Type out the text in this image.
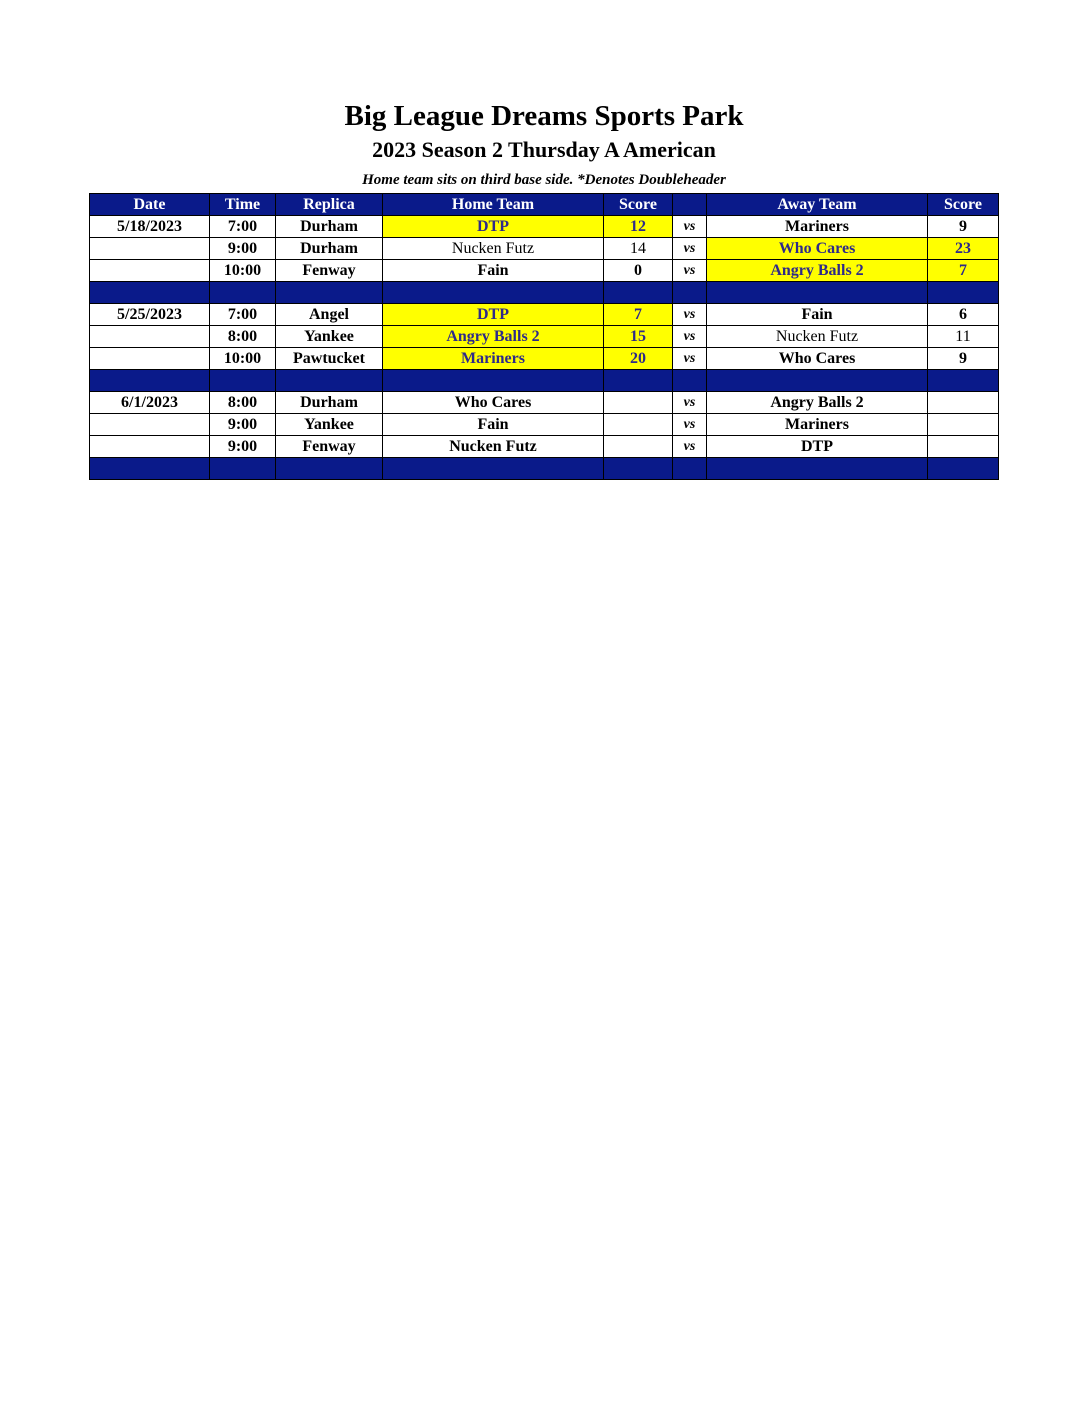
Big League Dreams Sports Park
2023 Season 2 Thursday A American
Home team sits on third base side. *Denotes Doubleheader
Date	Time	Replica	Home Team	Score		Away Team	Score
5/18/2023	7:00	Durham	DTP	12	vs	Mariners	9
	9:00	Durham	Nucken Futz	14	vs	Who Cares	23
	10:00	Fenway	Fain	0	vs	Angry Balls 2	7

5/25/2023	7:00	Angel	DTP	7	vs	Fain	6
	8:00	Yankee	Angry Balls 2	15	vs	Nucken Futz	11
	10:00	Pawtucket	Mariners	20	vs	Who Cares	9

6/1/2023	8:00	Durham	Who Cares		vs	Angry Balls 2	
	9:00	Yankee	Fain		vs	Mariners	
	9:00	Fenway	Nucken Futz		vs	DTP	
